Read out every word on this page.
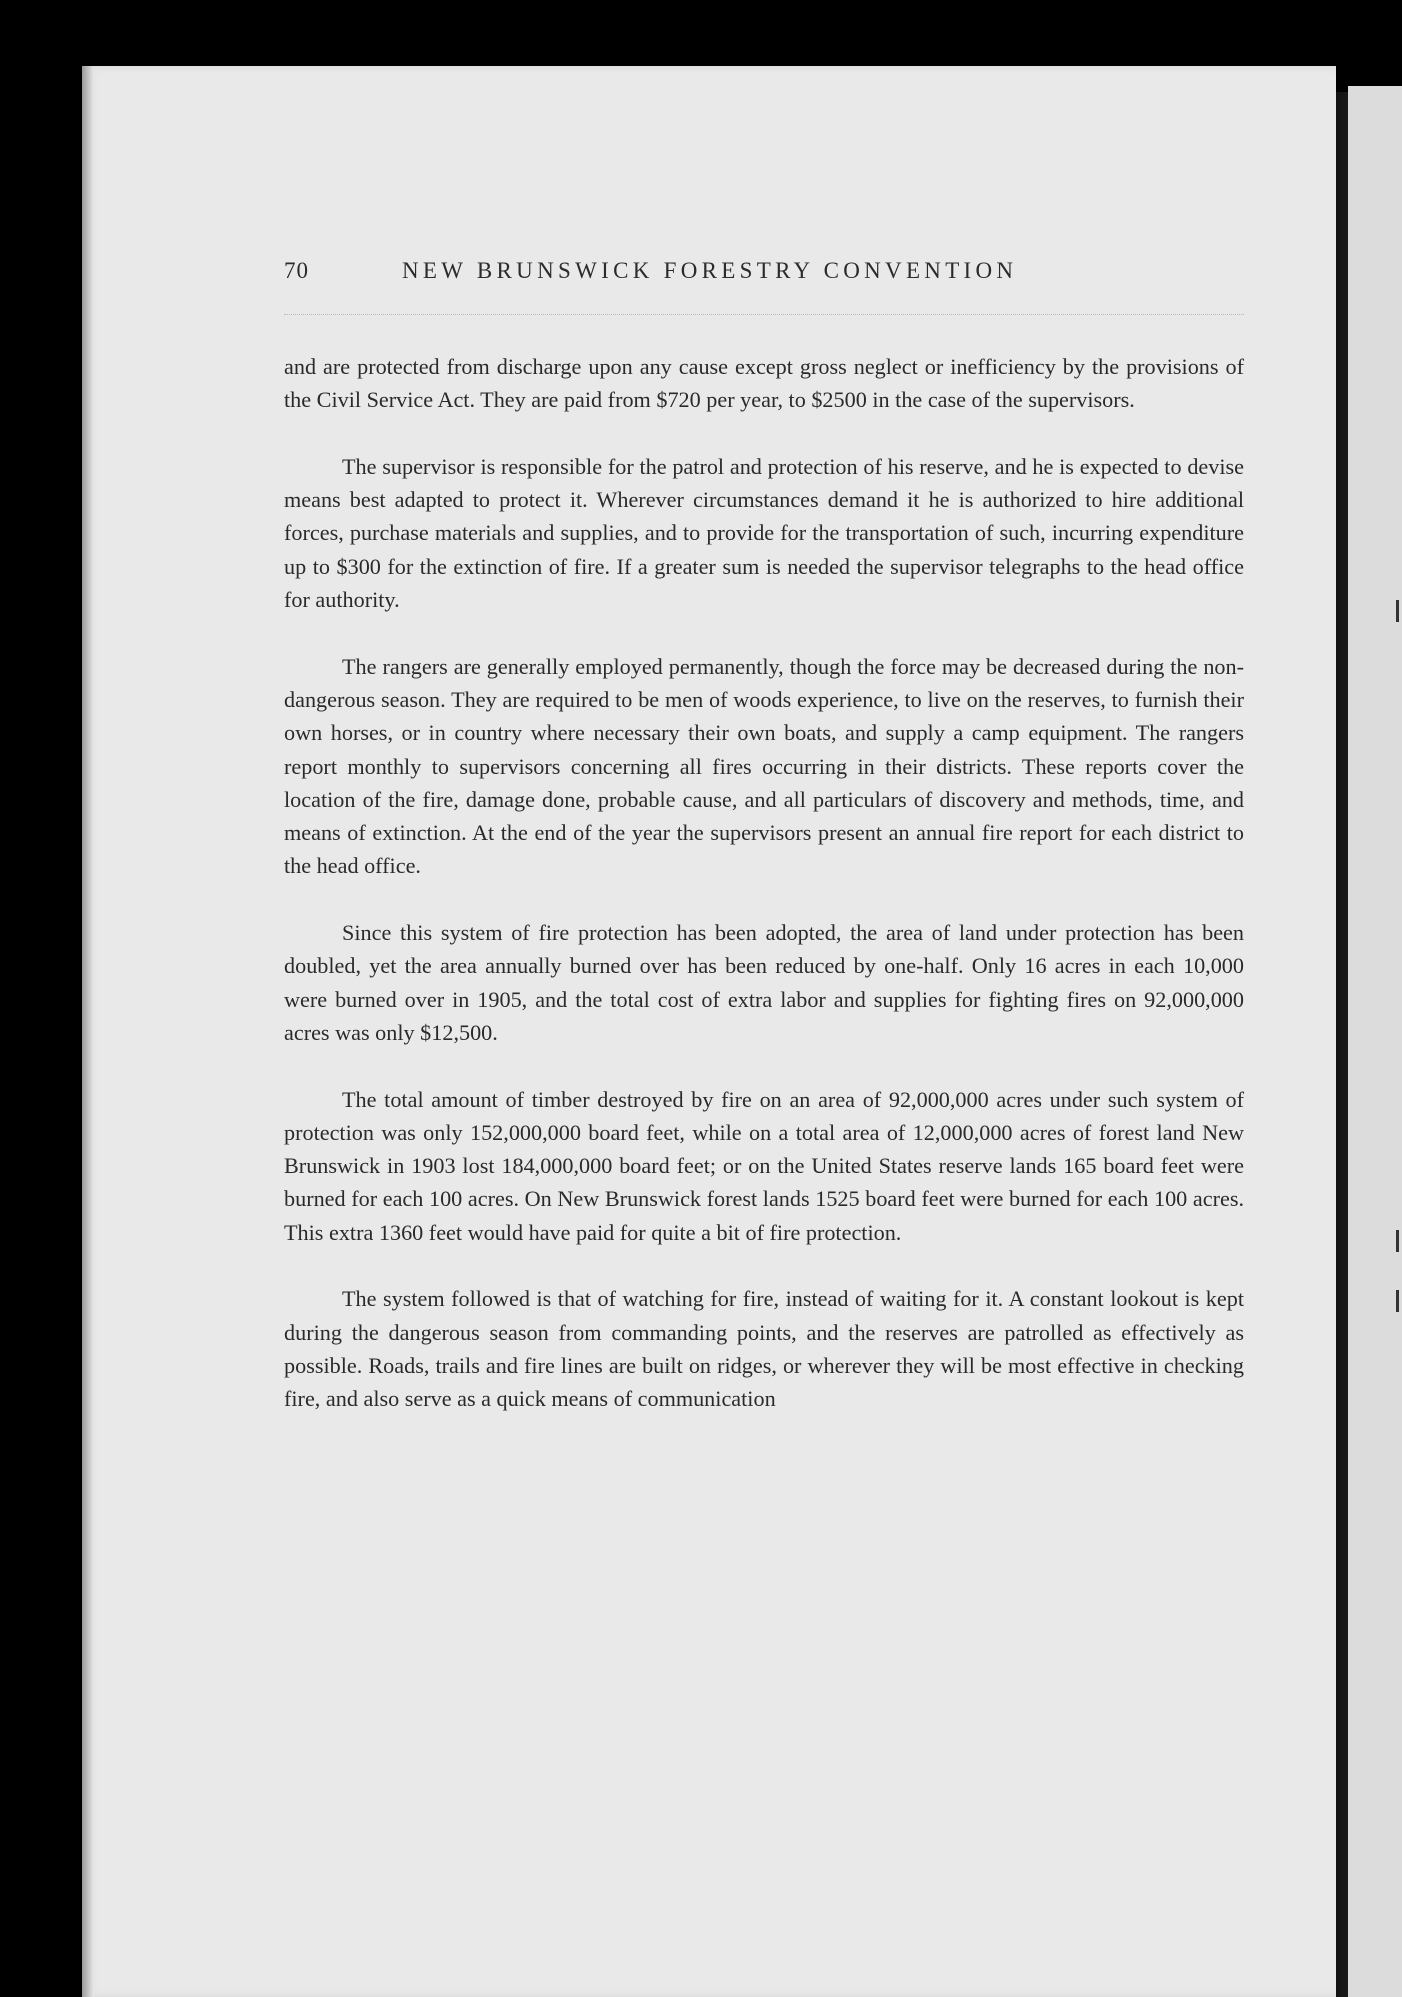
70	NEW BRUNSWICK FORESTRY CONVENTION

and are protected from discharge upon any cause except gross neglect or inefficiency by the provisions of the Civil Service Act. They are paid from $720 per year, to $2500 in the case of the supervisors.

The supervisor is responsible for the patrol and protection of his reserve, and he is expected to devise means best adapted to protect it. Wherever circumstances demand it he is authorized to hire additional forces, purchase materials and supplies, and to provide for the transportation of such, incurring expenditure up to $300 for the extinction of fire. If a greater sum is needed the supervisor telegraphs to the head office for authority.

The rangers are generally employed permanently, though the force may be decreased during the non-dangerous season. They are required to be men of woods experience, to live on the reserves, to furnish their own horses, or in country where necessary their own boats, and supply a camp equipment. The rangers report monthly to supervisors concerning all fires occurring in their districts. These reports cover the location of the fire, damage done, probable cause, and all particulars of discovery and methods, time, and means of extinction. At the end of the year the supervisors present an annual fire report for each district to the head office.

Since this system of fire protection has been adopted, the area of land under protection has been doubled, yet the area annually burned over has been reduced by one-half. Only 16 acres in each 10,000 were burned over in 1905, and the total cost of extra labor and supplies for fighting fires on 92,000,000 acres was only $12,500.

The total amount of timber destroyed by fire on an area of 92,000,000 acres under such system of protection was only 152,000,000 board feet, while on a total area of 12,000,000 acres of forest land New Brunswick in 1903 lost 184,000,000 board feet; or on the United States reserve lands 165 board feet were burned for each 100 acres. On New Brunswick forest lands 1525 board feet were burned for each 100 acres. This extra 1360 feet would have paid for quite a bit of fire protection.

The system followed is that of watching for fire, instead of waiting for it. A constant lookout is kept during the dangerous season from commanding points, and the reserves are patrolled as effectively as possible. Roads, trails and fire lines are built on ridges, or wherever they will be most effective in checking fire, and also serve as a quick means of communication
